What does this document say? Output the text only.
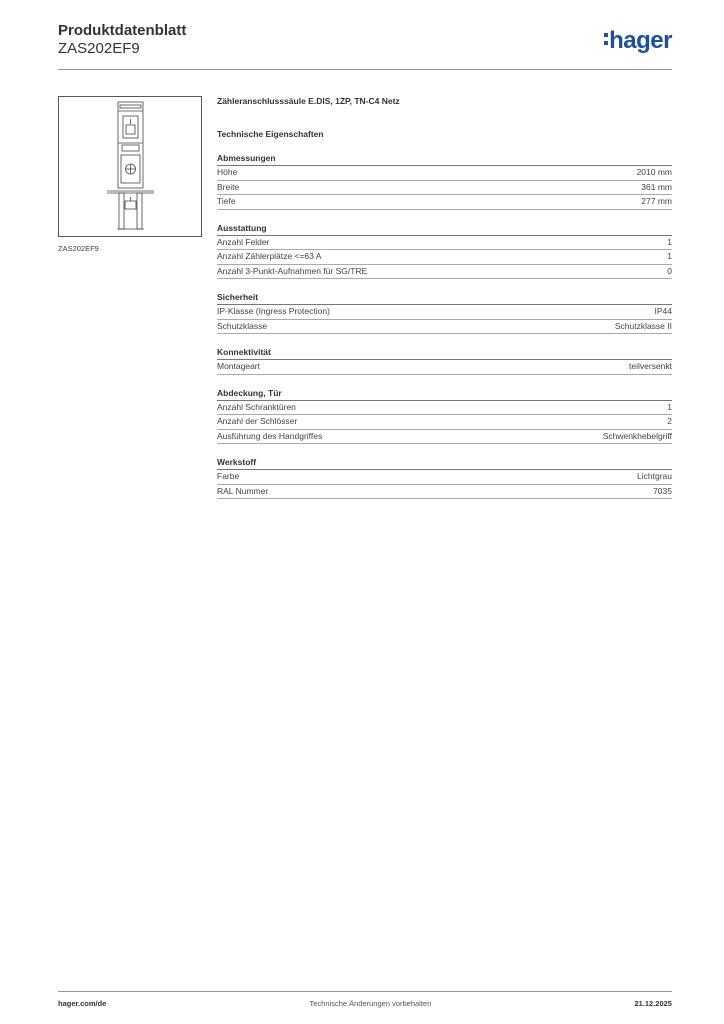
Produktdatenblatt
ZAS202EF9	hager
ZAS202EF9
Zähleranschlusssäule E.DIS, 1ZP, TN-C4 Netz
Technische Eigenschaften
Abmessungen
Höhe	2010 mm
Breite	361 mm
Tiefe	277 mm
Ausstattung
Anzahl Felder	1
Anzahl Zählerplätze <=63 A	1
Anzahl 3-Punkt-Aufnahmen für SG/TRE	0
Sicherheit
IP-Klasse (Ingress Protection)	IP44
Schutzklasse	Schutzklasse II
Konnektivität
Montageart	teilversenkt
Abdeckung, Tür
Anzahl Schranktüren	1
Anzahl der Schlösser	2
Ausführung des Handgriffes	Schwenkhebelgriff
Werkstoff
Farbe	Lichtgrau
RAL Nummer	7035
hager.com/de	Technische Änderungen vorbehalten	21.12.2025
